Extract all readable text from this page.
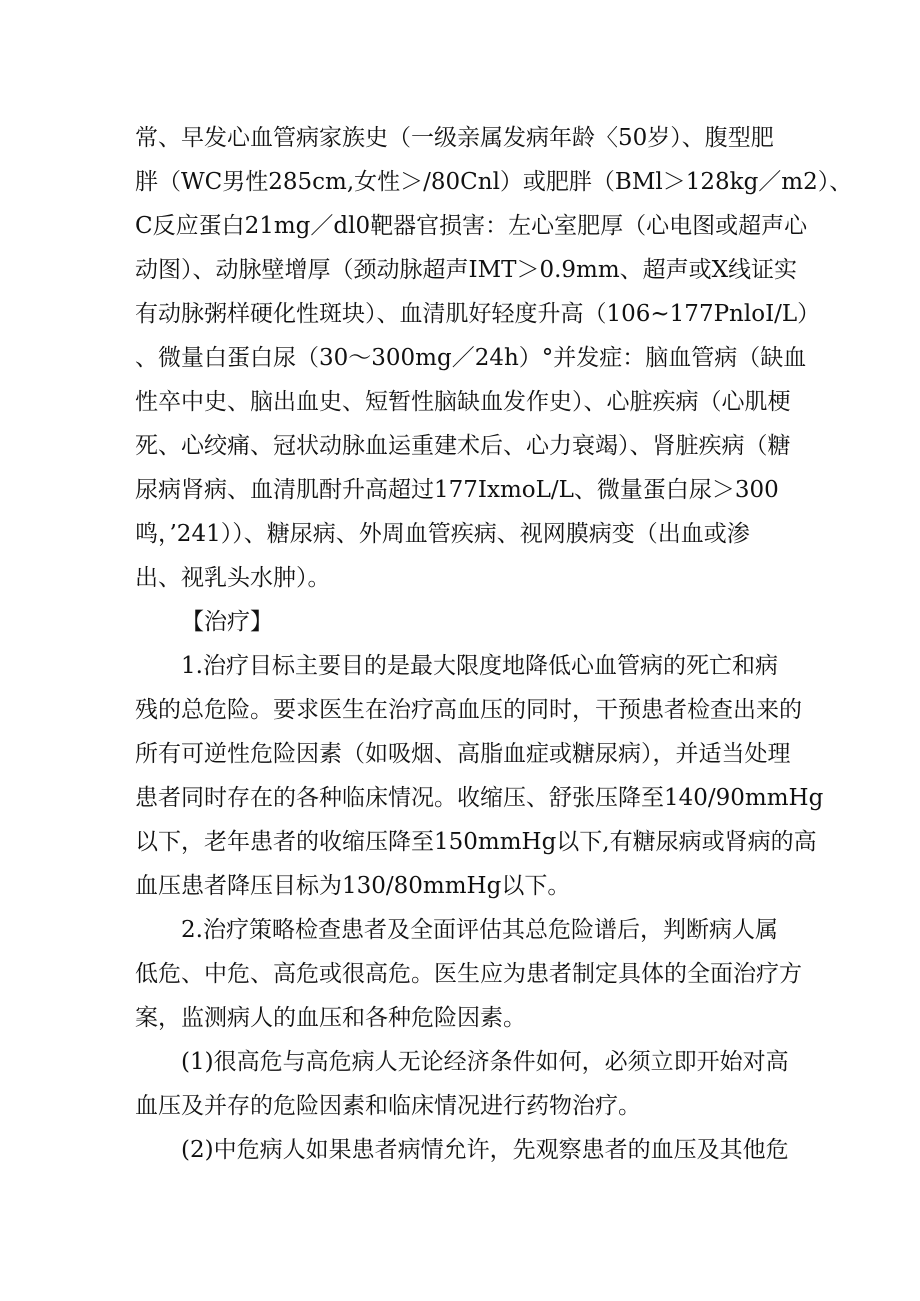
常、早发心血管病家族史（一级亲属发病年龄〈50岁）、腹型肥
胖（WC男性285cm,女性＞/80Cnl）或肥胖（BMl＞128kg／m2）、
C反应蛋白21mg／dl0靶器官损害：左心室肥厚（心电图或超声心
动图）、动脉壁增厚（颈动脉超声IMT＞0.9mm、超声或X线证实
有动脉粥样硬化性斑块）、血清肌好轻度升高（106~177PnloI/L）
、微量白蛋白尿（30～300mg／24h）°并发症：脑血管病（缺血
性卒中史、脑出血史、短暂性脑缺血发作史）、心脏疾病（心肌梗
死、心绞痛、冠状动脉血运重建术后、心力衰竭）、肾脏疾病（糖
尿病肾病、血清肌酎升高超过177IxmoL/L、微量蛋白尿＞300
鸣，’241））、糖尿病、外周血管疾病、视网膜病变（出血或渗
出、视乳头水肿）。
【治疗】
1.治疗目标主要目的是最大限度地降低心血管病的死亡和病
残的总危险。要求医生在治疗高血压的同时，干预患者检查出来的
所有可逆性危险因素（如吸烟、高脂血症或糖尿病），并适当处理
患者同时存在的各种临床情况。收缩压、舒张压降至140/90mmHg
以下，老年患者的收缩压降至150mmHg以下,有糖尿病或肾病的高
血压患者降压目标为130/80mmHg以下。
2.治疗策略检查患者及全面评估其总危险谱后，判断病人属
低危、中危、高危或很高危。医生应为患者制定具体的全面治疗方
案，监测病人的血压和各种危险因素。
(1)很高危与高危病人无论经济条件如何，必须立即开始对高
血压及并存的危险因素和临床情况进行药物治疗。
(2)中危病人如果患者病情允许，先观察患者的血压及其他危
